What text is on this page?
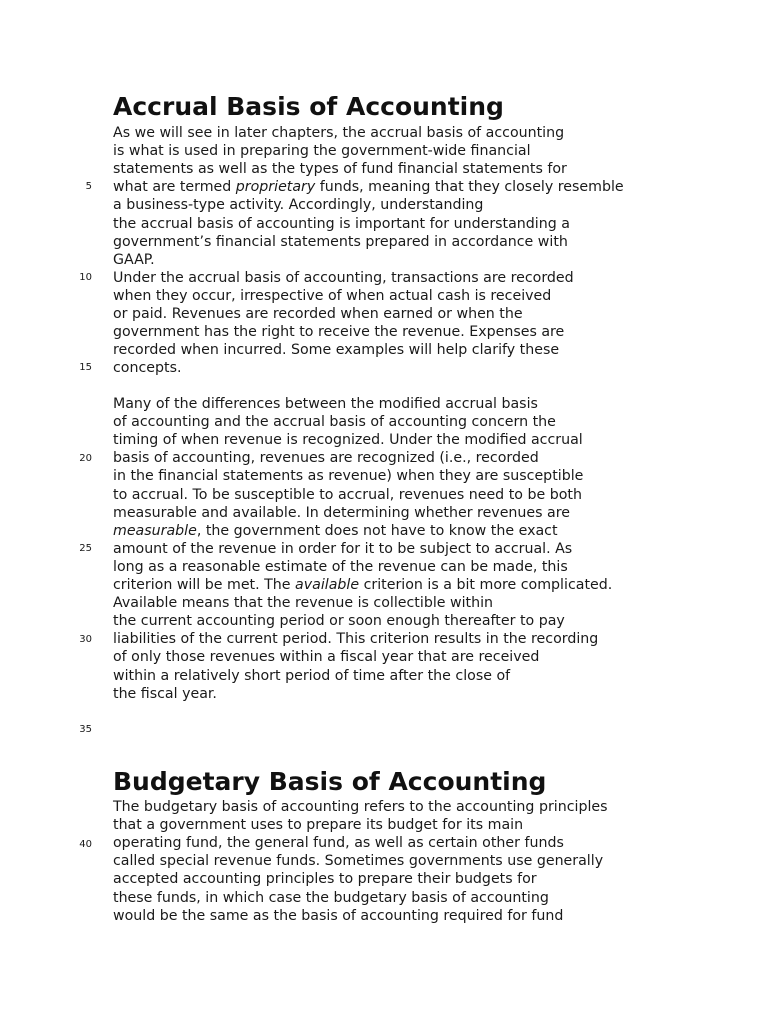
Accrual Basis of Accounting
As we will see in later chapters, the accrual basis of accounting
is what is used in preparing the government-wide financial
statements as well as the types of fund financial statements for
what are termed proprietary funds, meaning that they closely resemble
a business-type activity. Accordingly, understanding
the accrual basis of accounting is important for understanding a
government’s financial statements prepared in accordance with
GAAP.
Under the accrual basis of accounting, transactions are recorded
when they occur, irrespective of when actual cash is received
or paid. Revenues are recorded when earned or when the
government has the right to receive the revenue. Expenses are
recorded when incurred. Some examples will help clarify these
concepts.
Many of the differences between the modified accrual basis
of accounting and the accrual basis of accounting concern the
timing of when revenue is recognized. Under the modified accrual
basis of accounting, revenues are recognized (i.e., recorded
in the financial statements as revenue) when they are susceptible
to accrual. To be susceptible to accrual, revenues need to be both
measurable and available. In determining whether revenues are
measurable, the government does not have to know the exact
amount of the revenue in order for it to be subject to accrual. As
long as a reasonable estimate of the revenue can be made, this
criterion will be met. The available criterion is a bit more complicated.
Available means that the revenue is collectible within
the current accounting period or soon enough thereafter to pay
liabilities of the current period. This criterion results in the recording
of only those revenues within a fiscal year that are received
within a relatively short period of time after the close of
the fiscal year.
Budgetary Basis of Accounting
The budgetary basis of accounting refers to the accounting principles
that a government uses to prepare its budget for its main
operating fund, the general fund, as well as certain other funds
called special revenue funds. Sometimes governments use generally
accepted accounting principles to prepare their budgets for
these funds, in which case the budgetary basis of accounting
would be the same as the basis of accounting required for fund
5
10
15
20
25
30
35
40
